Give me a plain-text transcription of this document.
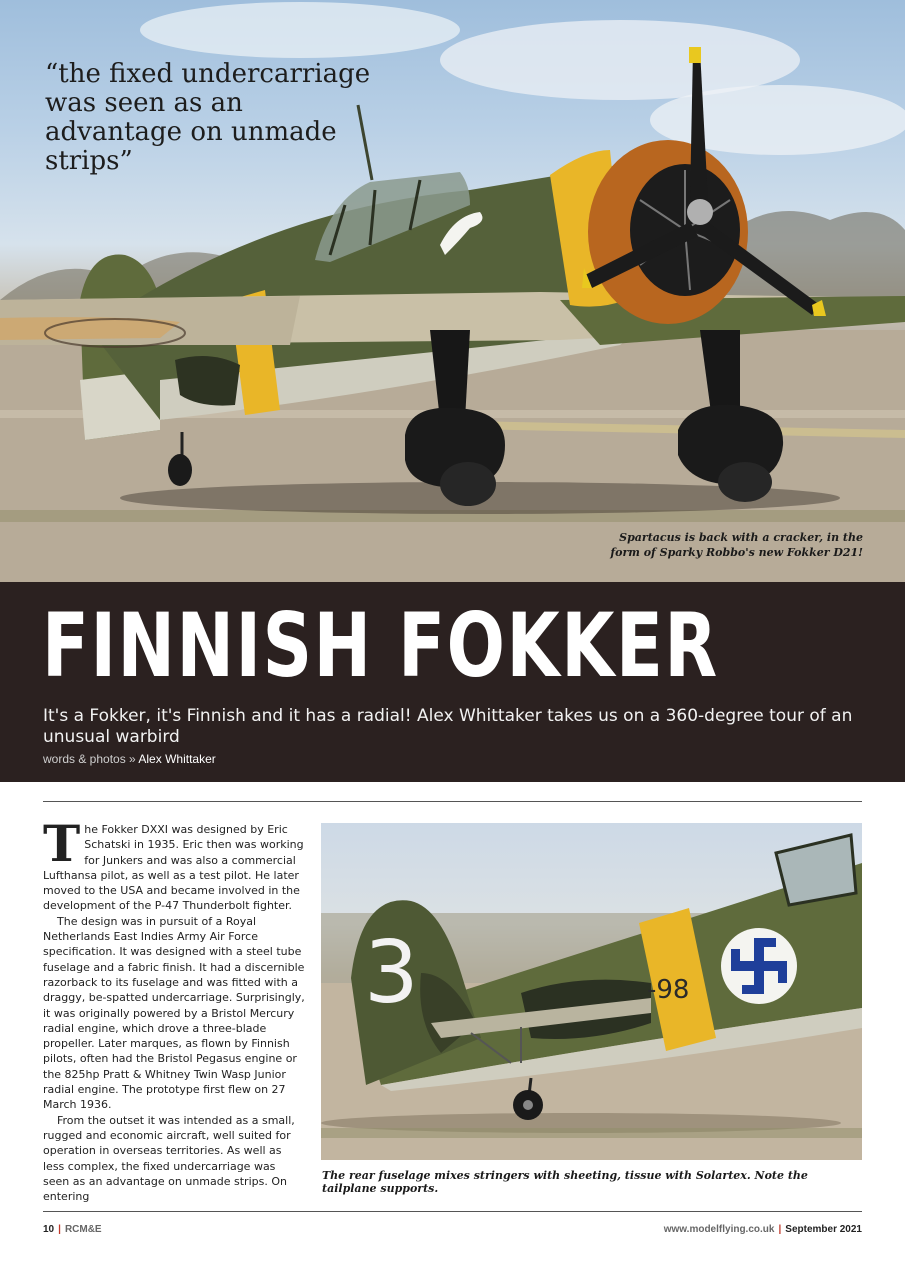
“the fixed undercarriage was seen as an advantage on unmade strips”

Spartacus is back with a cracker, in the form of Sparky Robbo's new Fokker D21!

FINNISH FOKKER

It's a Fokker, it's Finnish and it has a radial! Alex Whittaker takes us on a 360-degree tour of an unusual warbird

words & photos » Alex Whittaker

The Fokker DXXI was designed by Eric Schatski in 1935. Eric then was working for Junkers and was also a commercial Lufthansa pilot, as well as a test pilot. He later moved to the USA and became involved in the development of the P-47 Thunderbolt fighter.

The design was in pursuit of a Royal Netherlands East Indies Army Air Force specification. It was designed with a steel tube fuselage and a fabric finish. It had a discernible razorback to its fuselage and was fitted with a draggy, be-spatted undercarriage. Surprisingly, it was originally powered by a Bristol Mercury radial engine, which drove a three-blade propeller. Later marques, as flown by Finnish pilots, often had the Bristol Pegasus engine or the 825hp Pratt & Whitney Twin Wasp Junior radial engine. The prototype first flew on 27 March 1936.

From the outset it was intended as a small, rugged and economic aircraft, well suited for operation in overseas territories. As well as less complex, the fixed undercarriage was seen as an advantage on unmade strips. On entering

3	-98

The rear fuselage mixes stringers with sheeting, tissue with Solartex. Note the tailplane supports.

10 | RCM&E	www.modelflying.co.uk | September 2021
